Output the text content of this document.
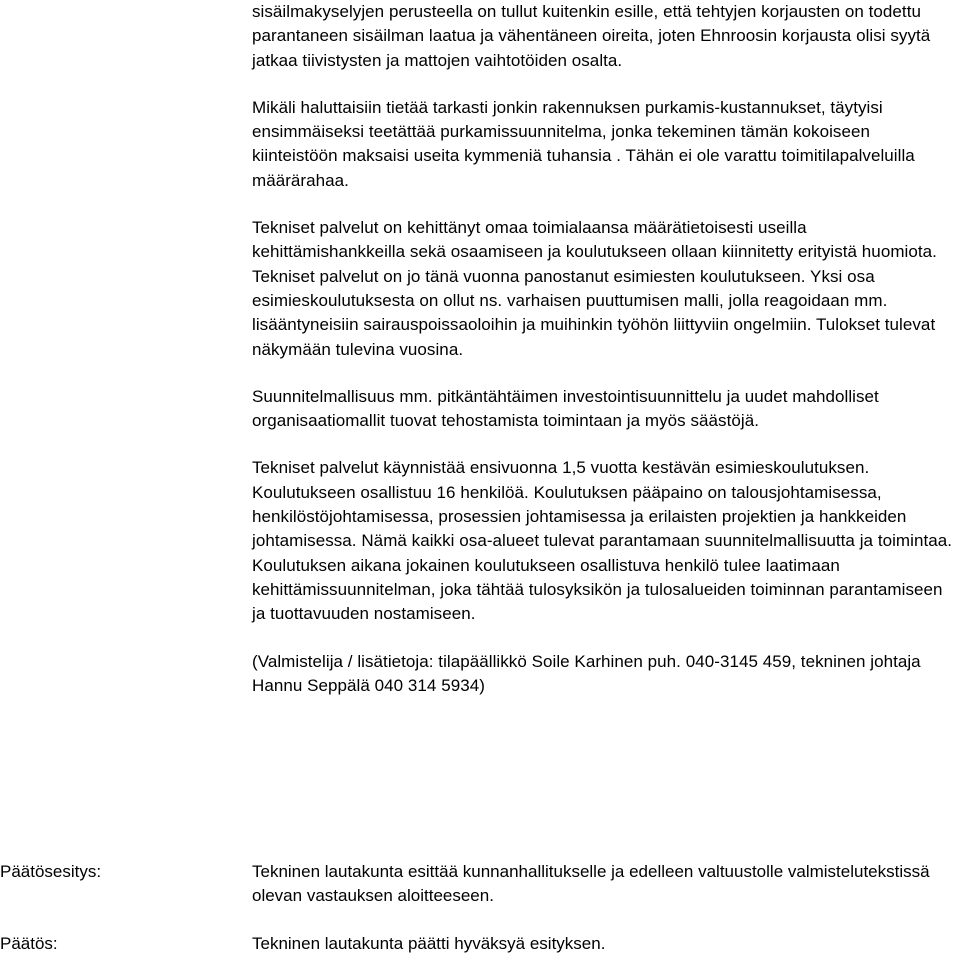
sisäilmakyselyjen perusteella on tullut kuitenkin esille, että tehtyjen korjausten on todettu parantaneen sisäilman laatua ja vähentäneen oireita, joten Ehnroosin korjausta olisi syytä jatkaa tiivistysten ja mattojen vaihtotöiden osalta.

Mikäli haluttaisiin tietää tarkasti jonkin rakennuksen purkamis-kustannukset, täytyisi ensimmäiseksi teetättää purkamissuunnitelma, jonka tekeminen tämän kokoiseen kiinteistöön maksaisi useita kymmeniä tuhansia . Tähän ei ole varattu toimitilapalveluilla määrärahaa.

Tekniset palvelut on kehittänyt omaa toimialaansa määrätietoisesti useilla kehittämishankkeilla sekä osaamiseen ja koulutukseen ollaan kiinnitetty erityistä huomiota. Tekniset palvelut on jo tänä vuonna panostanut esimiesten koulutukseen. Yksi osa esimieskoulutuksesta on ollut ns. varhaisen puuttumisen malli, jolla reagoidaan mm. lisääntyneisiin sairauspoissaoloihin ja muihinkin työhön liittyviin ongelmiin. Tulokset tulevat näkymään tulevina vuosina.

Suunnitelmallisuus mm. pitkäntähtäimen investointisuunnittelu ja uudet mahdolliset organisaatiomallit tuovat tehostamista toimintaan ja myös säästöjä.

Tekniset palvelut käynnistää ensivuonna 1,5 vuotta kestävän esimieskoulutuksen. Koulutukseen osallistuu 16 henkilöä. Koulutuksen pääpaino on talousjohtamisessa, henkilöstöjohtamisessa, prosessien johtamisessa ja erilaisten projektien ja hankkeiden johtamisessa. Nämä kaikki osa-alueet tulevat parantamaan suunnitelmallisuutta ja toimintaa. Koulutuksen aikana jokainen koulutukseen osallistuva henkilö tulee laatimaan kehittämissuunnitelman, joka tähtää tulosyksikön ja tulosalueiden toiminnan parantamiseen ja tuottavuuden nostamiseen.

(Valmistelija / lisätietoja: tilapäällikkö Soile Karhinen puh. 040-3145 459, tekninen johtaja Hannu Seppälä 040 314 5934)

Päätösesitys:	Tekninen lautakunta esittää kunnanhallitukselle ja edelleen valtuustolle valmistelutekstissä olevan vastauksen aloitteeseen.

Päätös:	Tekninen lautakunta päätti hyväksyä esityksen.
